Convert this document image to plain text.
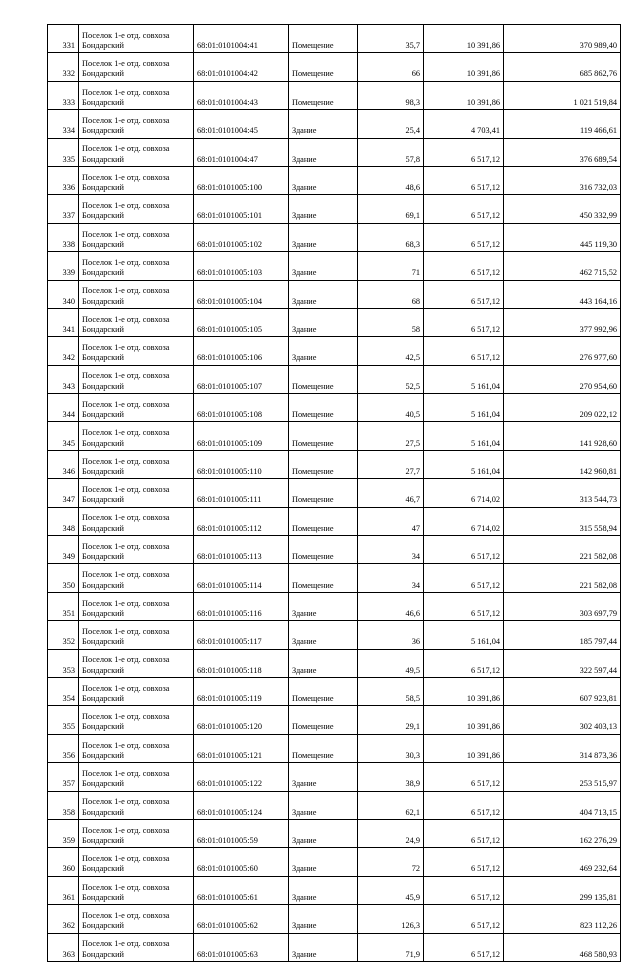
331	Поселок 1-е отд. совхоза
Бондарский	68:01:0101004:41	Помещение	35,7	10 391,86	370 989,40
332	Поселок 1-е отд. совхоза
Бондарский	68:01:0101004:42	Помещение	66	10 391,86	685 862,76
333	Поселок 1-е отд. совхоза
Бондарский	68:01:0101004:43	Помещение	98,3	10 391,86	1 021 519,84
334	Поселок 1-е отд. совхоза
Бондарский	68:01:0101004:45	Здание	25,4	4 703,41	119 466,61
335	Поселок 1-е отд. совхоза
Бондарский	68:01:0101004:47	Здание	57,8	6 517,12	376 689,54
336	Поселок 1-е отд. совхоза
Бондарский	68:01:0101005:100	Здание	48,6	6 517,12	316 732,03
337	Поселок 1-е отд. совхоза
Бондарский	68:01:0101005:101	Здание	69,1	6 517,12	450 332,99
338	Поселок 1-е отд. совхоза
Бондарский	68:01:0101005:102	Здание	68,3	6 517,12	445 119,30
339	Поселок 1-е отд. совхоза
Бондарский	68:01:0101005:103	Здание	71	6 517,12	462 715,52
340	Поселок 1-е отд. совхоза
Бондарский	68:01:0101005:104	Здание	68	6 517,12	443 164,16
341	Поселок 1-е отд. совхоза
Бондарский	68:01:0101005:105	Здание	58	6 517,12	377 992,96
342	Поселок 1-е отд. совхоза
Бондарский	68:01:0101005:106	Здание	42,5	6 517,12	276 977,60
343	Поселок 1-е отд. совхоза
Бондарский	68:01:0101005:107	Помещение	52,5	5 161,04	270 954,60
344	Поселок 1-е отд. совхоза
Бондарский	68:01:0101005:108	Помещение	40,5	5 161,04	209 022,12
345	Поселок 1-е отд. совхоза
Бондарский	68:01:0101005:109	Помещение	27,5	5 161,04	141 928,60
346	Поселок 1-е отд. совхоза
Бондарский	68:01:0101005:110	Помещение	27,7	5 161,04	142 960,81
347	Поселок 1-е отд. совхоза
Бондарский	68:01:0101005:111	Помещение	46,7	6 714,02	313 544,73
348	Поселок 1-е отд. совхоза
Бондарский	68:01:0101005:112	Помещение	47	6 714,02	315 558,94
349	Поселок 1-е отд. совхоза
Бондарский	68:01:0101005:113	Помещение	34	6 517,12	221 582,08
350	Поселок 1-е отд. совхоза
Бондарский	68:01:0101005:114	Помещение	34	6 517,12	221 582,08
351	Поселок 1-е отд. совхоза
Бондарский	68:01:0101005:116	Здание	46,6	6 517,12	303 697,79
352	Поселок 1-е отд. совхоза
Бондарский	68:01:0101005:117	Здание	36	5 161,04	185 797,44
353	Поселок 1-е отд. совхоза
Бондарский	68:01:0101005:118	Здание	49,5	6 517,12	322 597,44
354	Поселок 1-е отд. совхоза
Бондарский	68:01:0101005:119	Помещение	58,5	10 391,86	607 923,81
355	Поселок 1-е отд. совхоза
Бондарский	68:01:0101005:120	Помещение	29,1	10 391,86	302 403,13
356	Поселок 1-е отд. совхоза
Бондарский	68:01:0101005:121	Помещение	30,3	10 391,86	314 873,36
357	Поселок 1-е отд. совхоза
Бондарский	68:01:0101005:122	Здание	38,9	6 517,12	253 515,97
358	Поселок 1-е отд. совхоза
Бондарский	68:01:0101005:124	Здание	62,1	6 517,12	404 713,15
359	Поселок 1-е отд. совхоза
Бондарский	68:01:0101005:59	Здание	24,9	6 517,12	162 276,29
360	Поселок 1-е отд. совхоза
Бондарский	68:01:0101005:60	Здание	72	6 517,12	469 232,64
361	Поселок 1-е отд. совхоза
Бондарский	68:01:0101005:61	Здание	45,9	6 517,12	299 135,81
362	Поселок 1-е отд. совхоза
Бондарский	68:01:0101005:62	Здание	126,3	6 517,12	823 112,26
363	Поселок 1-е отд. совхоза
Бондарский	68:01:0101005:63	Здание	71,9	6 517,12	468 580,93
